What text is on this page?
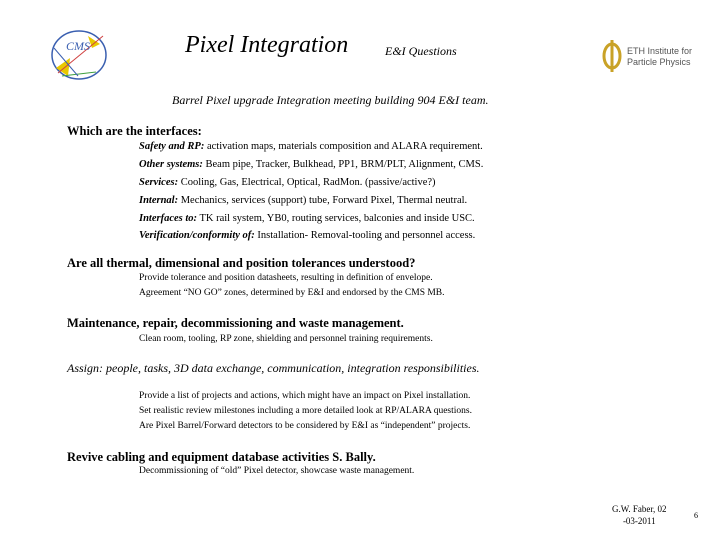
CMS	Pixel Integration	E&I Questions	ETH Institute for
Particle Physics
Barrel Pixel upgrade Integration meeting building 904 E&I team.
Which are the interfaces:
Safety and RP: activation maps, materials composition and ALARA requirement.
Other systems: Beam pipe, Tracker, Bulkhead, PP1, BRM/PLT, Alignment, CMS.
Services: Cooling, Gas, Electrical, Optical, RadMon. (passive/active?)
Internal: Mechanics, services (support) tube, Forward Pixel, Thermal neutral.
Interfaces to: TK rail system, YB0, routing services, balconies and inside USC.
Verification/conformity of: Installation- Removal-tooling and personnel access.
Are all thermal, dimensional and position tolerances understood?
Provide tolerance and position datasheets, resulting in definition of envelope.
Agreement “NO GO” zones, determined by E&I and endorsed by the CMS MB.
Maintenance, repair, decommissioning and waste management.
Clean room, tooling, RP zone, shielding and personnel training requirements.
Assign: people, tasks, 3D data exchange, communication, integration responsibilities.
Provide a list of projects and actions, which might have an impact on Pixel installation.
Set realistic review milestones including a more detailed look at RP/ALARA questions.
Are Pixel Barrel/Forward detectors to be considered by E&I as “independent” projects.
Revive cabling and equipment database activities S. Bally.
Decommissioning of “old” Pixel detector, showcase waste management.
G.W. Faber, 02
-03-2011
6
